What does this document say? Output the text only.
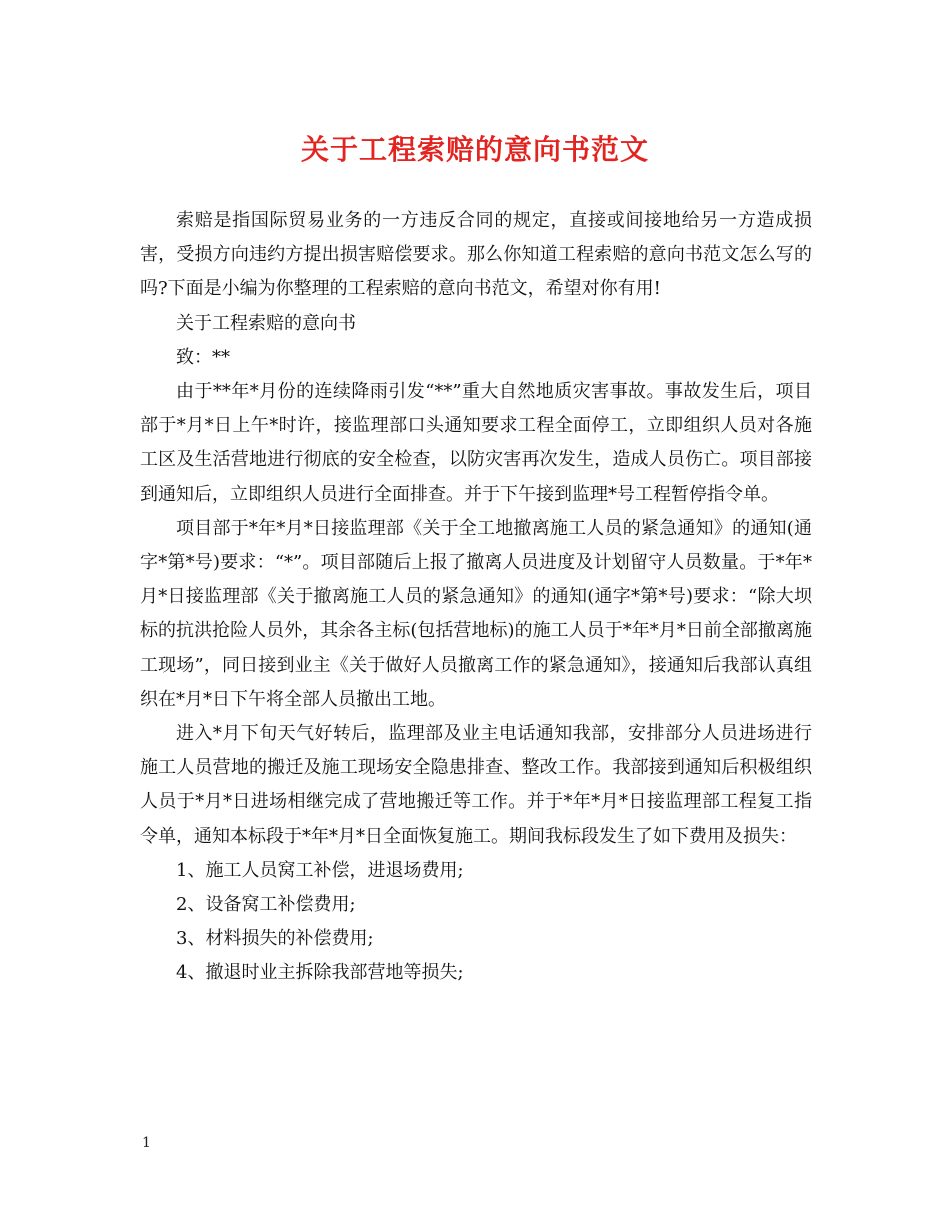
关于工程索赔的意向书范文

索赔是指国际贸易业务的一方违反合同的规定，直接或间接地给另一方造成损害，受损方向违约方提出损害赔偿要求。那么你知道工程索赔的意向书范文怎么写的吗?下面是小编为你整理的工程索赔的意向书范文，希望对你有用!

关于工程索赔的意向书

致：**

由于**年*月份的连续降雨引发“**”重大自然地质灾害事故。事故发生后，项目部于*月*日上午*时许，接监理部口头通知要求工程全面停工，立即组织人员对各施工区及生活营地进行彻底的安全检查，以防灾害再次发生，造成人员伤亡。项目部接到通知后，立即组织人员进行全面排查。并于下午接到监理*号工程暂停指令单。

项目部于*年*月*日接监理部《关于全工地撤离施工人员的紧急通知》的通知(通字*第*号)要求：“*”。项目部随后上报了撤离人员进度及计划留守人员数量。于*年*月*日接监理部《关于撤离施工人员的紧急通知》的通知(通字*第*号)要求：“除大坝标的抗洪抢险人员外，其余各主标(包括营地标)的施工人员于*年*月*日前全部撤离施工现场”，同日接到业主《关于做好人员撤离工作的紧急通知》，接通知后我部认真组织在*月*日下午将全部人员撤出工地。

进入*月下旬天气好转后，监理部及业主电话通知我部，安排部分人员进场进行施工人员营地的搬迁及施工现场安全隐患排查、整改工作。我部接到通知后积极组织人员于*月*日进场相继完成了营地搬迁等工作。并于*年*月*日接监理部工程复工指令单，通知本标段于*年*月*日全面恢复施工。期间我标段发生了如下费用及损失：

1、施工人员窝工补偿，进退场费用;

2、设备窝工补偿费用;

3、材料损失的补偿费用;

4、撤退时业主拆除我部营地等损失;

1
